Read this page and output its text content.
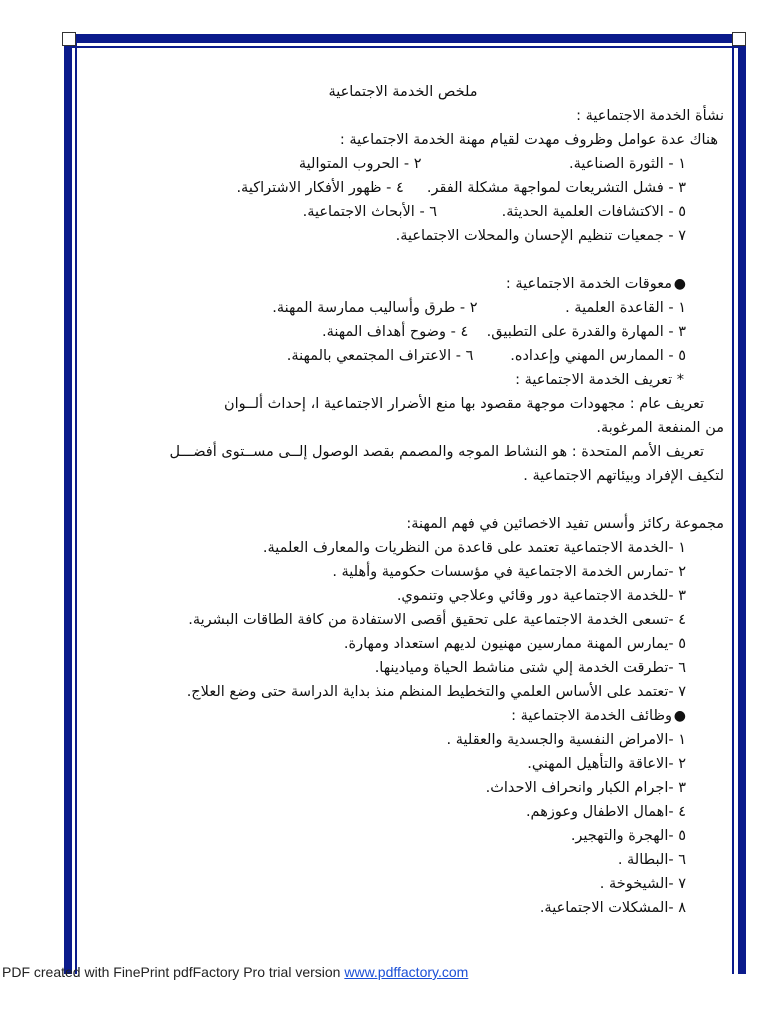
ملخص الخدمة الاجتماعية
نشأة الخدمة الاجتماعية :
هناك عدة عوامل وظروف مهدت لقيام مهنة الخدمة الاجتماعية :
١ - الثورة الصناعية.                                ٢ - الحروب المتوالية
٣ - فشل التشريعات لمواجهة مشكلة الفقر.     ٤ - ظهور الأفكار الاشتراكية.
٥ - الاكتشافات العلمية الحديثة.              ٦ - الأبحاث الاجتماعية.
٧ - جمعيات تنظيم الإحسان والمحلات الاجتماعية.
●
معوقات الخدمة الاجتماعية :
١ - القاعدة العلمية .                   ٢ - طرق وأساليب ممارسة المهنة.
٣ - المهارة والقدرة على التطبيق.    ٤ - وضوح أهداف المهنة.
٥ - الممارس المهني وإعداده.        ٦ - الاعتراف المجتمعي بالمهنة.
* تعريف الخدمة الاجتماعية :
تعريف عام : مجهودات موجهة مقصود بها منع الأضرار الاجتماعية ا، إحداث ألــوان
من المنفعة المرغوبة.
تعريف الأمم المتحدة : هو النشاط الموجه والمصمم بقصد الوصول إلــى مســتوى أفضـــل
لتكيف الإفراد وبيئاتهم الاجتماعية .
مجموعة ركائز وأسس تفيد الاخصائين في فهم المهنة:
١ -الخدمة الاجتماعية تعتمد على قاعدة من النظريات والمعارف العلمية.
٢ -تمارس الخدمة الاجتماعية في مؤسسات حكومية وأهلية .
٣ -للخدمة الاجتماعية دور وقائي وعلاجي وتنموي.
٤ -تسعى الخدمة الاجتماعية على تحقيق أقصى الاستفادة من كافة الطاقات البشرية.
٥ -يمارس المهنة ممارسين مهنيون لديهم استعداد ومهارة.
٦ -تطرقت الخدمة إلي شتى مناشط الحياة وميادينها.
٧ -تعتمد على الأساس العلمي والتخطيط المنظم منذ بداية الدراسة حتى وضع العلاج.
●
وظائف الخدمة الاجتماعية :
١ -الامراض النفسية والجسدية والعقلية .
٢ -الاعاقة والتأهيل المهني.
٣ -اجرام الكبار وانحراف الاحداث.
٤ -اهمال الاطفال وعوزهم.
٥ -الهجرة والتهجير.
٦ -البطالة .
٧ -الشيخوخة .
٨ -المشكلات الاجتماعية.
PDF created with FinePrint pdfFactory Pro trial version www.pdffactory.com
